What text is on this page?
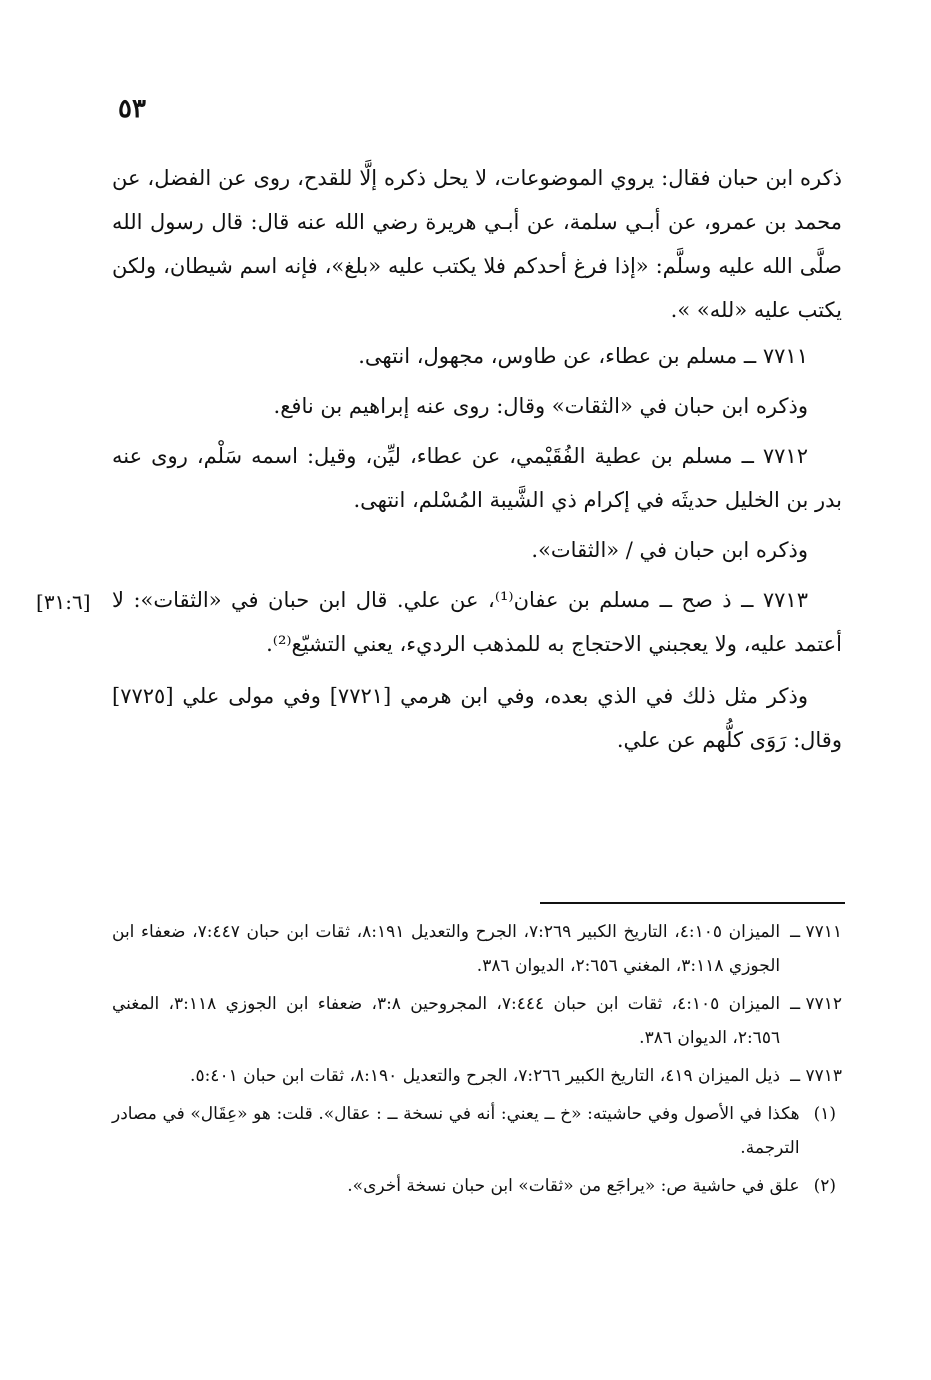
٥٣

ذكره ابن حبان فقال: يروي الموضوعات، لا يحل ذكره إلَّا للقدح، روى عن الفضل، عن محمد بن عمرو، عن أبـي سلمة، عن أبـي هريرة رضي الله عنه قال: قال رسول الله صلَّى الله عليه وسلَّم: «إذا فرغ أحدكم فلا يكتب عليه «بلغ»، فإنه اسم شيطان، ولكن يكتب عليه «لله» ».

٧٧١١ ــ مسلم بن عطاء، عن طاوس، مجهول، انتهى.

وذكره ابن حبان في «الثقات» وقال: روى عنه إبراهيم بن نافع.

٧٧١٢ ــ مسلم بن عطية الفُقَيْمي، عن عطاء، ليِّن، وقيل: اسمه سَلْم، روى عنه بدر بن الخليل حديثَه في إكرام ذي الشَّيبة المُسْلم، انتهى.

وذكره ابن حبان في / «الثقات».

٧٧١٣ ــ ذ صح ــ مسلم بن عفان⁽¹⁾، عن علي. قال ابن حبان في «الثقات»: لا أعتمد عليه، ولا يعجبني الاحتجاج به للمذهب الرديء، يعني التشيّع⁽²⁾.

وذكر مثل ذلك في الذي بعده، وفي ابن هرمي [٧٧٢١] وفي مولى علي [٧٧٢٥] وقال: رَوَى كلُّهم عن علي.

[٣١:٦]
٧٧١١ ــ
الميزان ٤:١٠٥، التاريخ الكبير ٧:٢٦٩، الجرح والتعديل ٨:١٩١، ثقات ابن حبان ٧:٤٤٧، ضعفاء ابن الجوزي ٣:١١٨، المغني ٢:٦٥٦، الديوان ٣٨٦.
٧٧١٢ ــ
الميزان ٤:١٠٥، ثقات ابن حبان ٧:٤٤٤، المجروحين ٣:٨، ضعفاء ابن الجوزي ٣:١١٨، المغني ٢:٦٥٦، الديوان ٣٨٦.
٧٧١٣ ــ
ذيل الميزان ٤١٩، التاريخ الكبير ٧:٢٦٦، الجرح والتعديل ٨:١٩٠، ثقات ابن حبان ٥:٤٠١.
(١)
هكذا في الأصول وفي حاشيته: «خ ــ يعني: أنه في نسخة ــ : عقال». قلت: هو «عِقَال» في مصادر الترجمة.
(٢)
علق في حاشية ص: «يراجَع من «ثقات» ابن حبان نسخة أخرى».
